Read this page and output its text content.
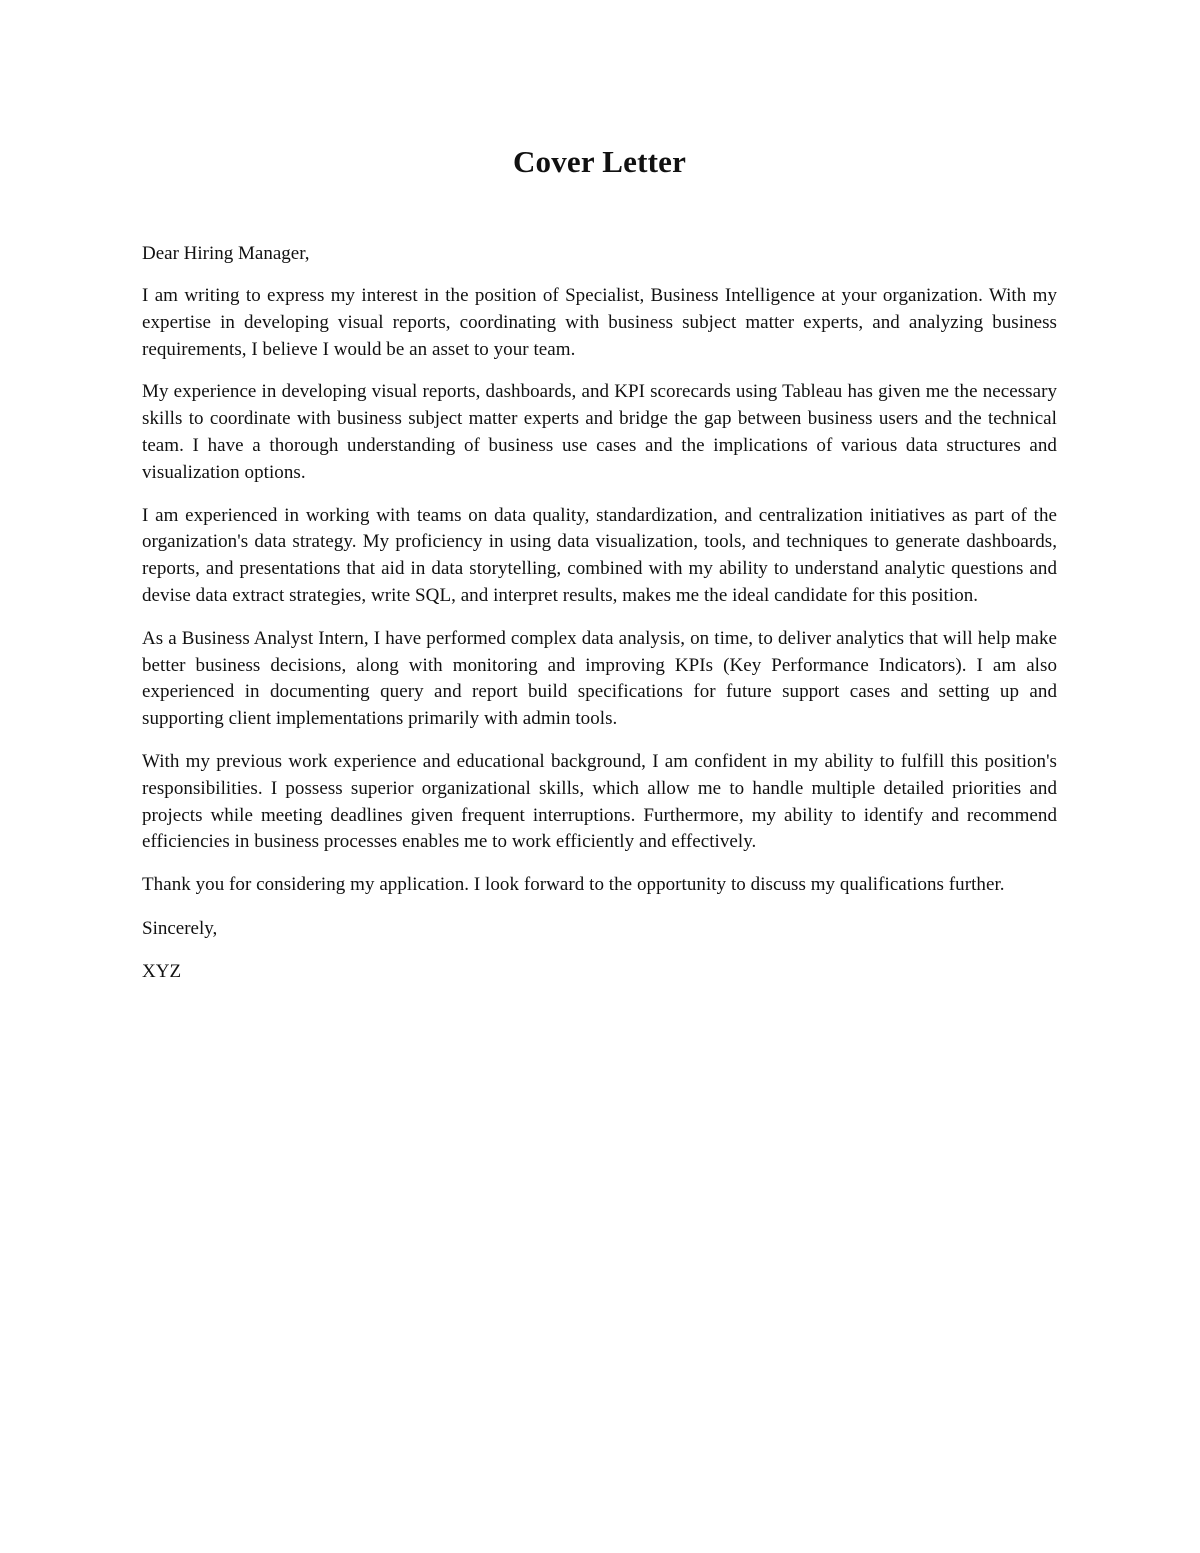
Cover Letter

Dear Hiring Manager,

I am writing to express my interest in the position of Specialist, Business Intelligence at your organization. With my expertise in developing visual reports, coordinating with business subject matter experts, and analyzing business requirements, I believe I would be an asset to your team.

My experience in developing visual reports, dashboards, and KPI scorecards using Tableau has given me the necessary skills to coordinate with business subject matter experts and bridge the gap between business users and the technical team. I have a thorough understanding of business use cases and the implications of various data structures and visualization options.

I am experienced in working with teams on data quality, standardization, and centralization initiatives as part of the organization's data strategy. My proficiency in using data visualization, tools, and techniques to generate dashboards, reports, and presentations that aid in data storytelling, combined with my ability to understand analytic questions and devise data extract strategies, write SQL, and interpret results, makes me the ideal candidate for this position.

As a Business Analyst Intern, I have performed complex data analysis, on time, to deliver analytics that will help make better business decisions, along with monitoring and improving KPIs (Key Performance Indicators). I am also experienced in documenting query and report build specifications for future support cases and setting up and supporting client implementations primarily with admin tools.

With my previous work experience and educational background, I am confident in my ability to fulfill this position's responsibilities. I possess superior organizational skills, which allow me to handle multiple detailed priorities and projects while meeting deadlines given frequent interruptions. Furthermore, my ability to identify and recommend efficiencies in business processes enables me to work efficiently and effectively.

Thank you for considering my application. I look forward to the opportunity to discuss my qualifications further.

Sincerely,

XYZ
